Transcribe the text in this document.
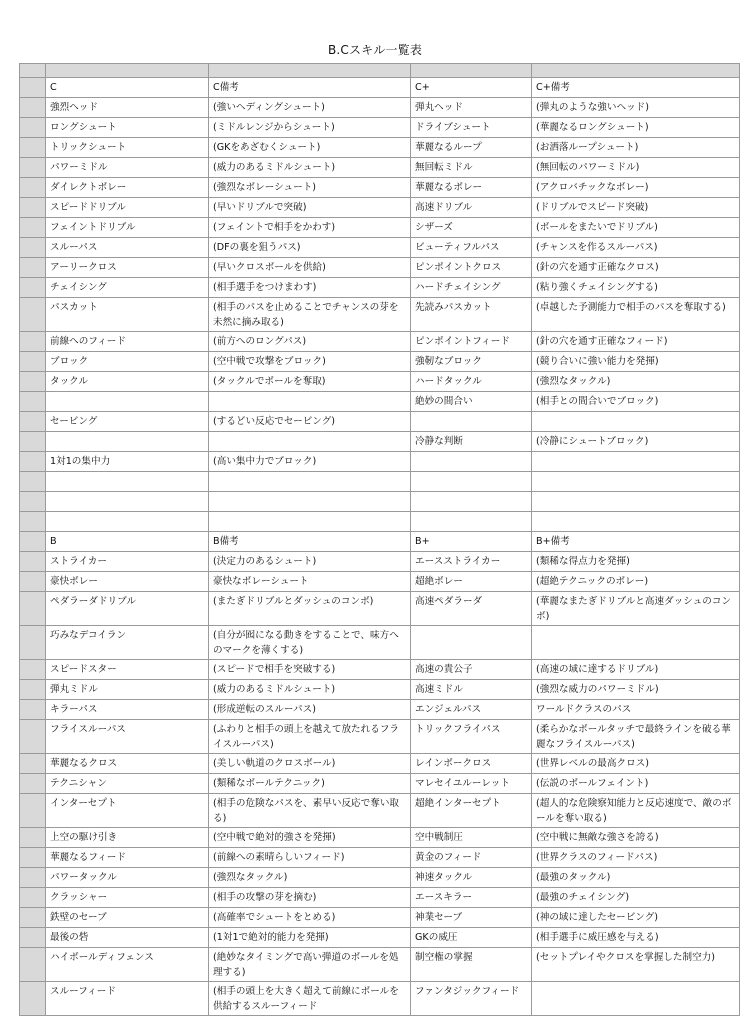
B.Cスキル一覧表

	C	C備考	C+	C+備考
	強烈ヘッド	(強いヘディングシュート)	弾丸ヘッド	(弾丸のような強いヘッド)
	ロングシュート	(ミドルレンジからシュート)	ドライブシュート	(華麗なるロングシュート)
	トリックシュート	(GKをあざむくシュート)	華麗なるループ	(お洒落ループシュート)
	パワーミドル	(威力のあるミドルシュート)	無回転ミドル	(無回転のパワーミドル)
	ダイレクトボレー	(強烈なボレーシュート)	華麗なるボレー	(アクロバチックなボレー)
	スピードドリブル	(早いドリブルで突破)	高速ドリブル	(ドリブルでスピード突破)
	フェイントドリブル	(フェイントで相手をかわす)	シザーズ	(ボールをまたいでドリブル)
	スルーパス	(DFの裏を狙うパス)	ビューティフルパス	(チャンスを作るスルーパス)
	アーリークロス	(早いクロスボールを供給)	ピンポイントクロス	(針の穴を通す正確なクロス)
	チェイシング	(相手選手をつけまわす)	ハードチェイシング	(粘り強くチェイシングする)
	パスカット	(相手のパスを止めることでチャンスの芽を未然に摘み取る)	先読みパスカット	(卓越した予測能力で相手のパスを奪取する)
	前線へのフィード	(前方へのロングパス)	ピンポイントフィード	(針の穴を通す正確なフィード)
	ブロック	(空中戦で攻撃をブロック)	強靭なブロック	(競り合いに強い能力を発揮)
	タックル	(タックルでボールを奪取)	ハードタックル	(強烈なタックル)
			絶妙の間合い	(相手との間合いでブロック)
	セービング	(するどい反応でセービング)		
			冷静な判断	(冷静にシュートブロック)
	1対1の集中力	(高い集中力でブロック)		

	B	B備考	B+	B+備考
	ストライカー	(決定力のあるシュート)	エースストライカー	(類稀な得点力を発揮)
	豪快ボレー	豪快なボレーシュート	超絶ボレー	(超絶テクニックのボレー)
	ペダラーダドリブル	(またぎドリブルとダッシュのコンボ)	高速ペダラーダ	(華麗なまたぎドリブルと高速ダッシュのコンボ)
	巧みなデコイラン	(自分が囮になる動きをすることで、味方へのマークを薄くする)		
	スピードスター	(スピードで相手を突破する)	高速の貴公子	(高速の域に達するドリブル)
	弾丸ミドル	(威力のあるミドルシュート)	高速ミドル	(強烈な威力のパワーミドル)
	キラーパス	(形成逆転のスルーパス)	エンジェルパス	ワールドクラスのパス
	フライスルーパス	(ふわりと相手の頭上を越えて放たれるフライスルーパス)	トリックフライパス	(柔らかなボールタッチで最終ラインを破る華麗なフライスルーパス)
	華麗なるクロス	(美しい軌道のクロスボール)	レインボークロス	(世界レベルの最高クロス)
	テクニシャン	(類稀なボールテクニック)	マレセイユルーレット	(伝説のボールフェイント)
	インターセプト	(相手の危険なパスを、素早い反応で奪い取る)	超絶インターセプト	(超人的な危険察知能力と反応速度で、敵のボールを奪い取る)
	上空の駆け引き	(空中戦で絶対的強さを発揮)	空中戦制圧	(空中戦に無敵な強さを誇る)
	華麗なるフィード	(前線への素晴らしいフィード)	黄金のフィード	(世界クラスのフィードパス)
	パワータックル	(強烈なタックル)	神速タックル	(最強のタックル)
	クラッシャー	(相手の攻撃の芽を摘む)	エースキラー	(最強のチェイシング)
	鉄壁のセーブ	(高確率でシュートをとめる)	神業セーブ	(神の域に達したセービング)
	最後の砦	(1対1で絶対的能力を発揮)	GKの威圧	(相手選手に威圧感を与える)
	ハイボールディフェンス	(絶妙なタイミングで高い弾道のボールを処理する)	制空権の掌握	(セットプレイやクロスを掌握した制空力)
	スルーフィード	(相手の頭上を大きく超えて前線にボールを供給するスルーフィード	ファンタジックフィード	
